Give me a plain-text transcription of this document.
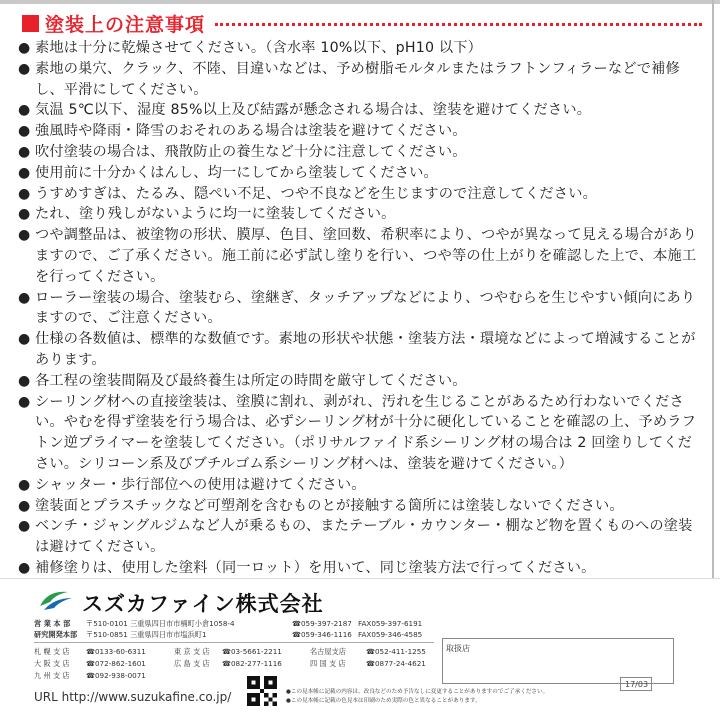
塗装上の注意事項
● 素地は十分に乾燥させてください。（含水率 10%以下、pH10 以下）
● 素地の巣穴、クラック、不陸、目違いなどは、予め樹脂モルタルまたはラフトンフィラーなどで補修し、平滑にしてください。
● 気温 5℃以下、湿度 85%以上及び結露が懸念される場合は、塗装を避けてください。
● 強風時や降雨・降雪のおそれのある場合は塗装を避けてください。
● 吹付塗装の場合は、飛散防止の養生など十分に注意してください。
● 使用前に十分かくはんし、均一にしてから塗装してください。
● うすめすぎは、たるみ、隠ぺい不足、つや不良などを生じますので注意してください。
● たれ、塗り残しがないように均一に塗装してください。
● つや調整品は、被塗物の形状、膜厚、色目、塗回数、希釈率により、つやが異なって見える場合がありますので、ご了承ください。施工前に必ず試し塗りを行い、つや等の仕上がりを確認した上で、本施工を行ってください。
● ローラー塗装の場合、塗装むら、塗継ぎ、タッチアップなどにより、つやむらを生じやすい傾向にありますので、ご注意ください。
● 仕様の各数値は、標準的な数値です。素地の形状や状態・塗装方法・環境などによって増減することがあります。
● 各工程の塗装間隔及び最終養生は所定の時間を厳守してください。
● シーリング材への直接塗装は、塗膜に割れ、剥がれ、汚れを生じることがあるため行わないでください。やむを得ず塗装を行う場合は、必ずシーリング材が十分に硬化していることを確認の上、予めラフトン逆プライマーを塗装してください。（ポリサルファイド系シーリング材の場合は 2 回塗りしてください。シリコーン系及びブチルゴム系シーリング材へは、塗装を避けてください。）
● シャッター・歩行部位への使用は避けてください。
● 塗装面とプラスチックなど可塑剤を含むものとが接触する箇所には塗装しないでください。
● ベンチ・ジャングルジムなど人が乗るもの、またテーブル・カウンター・棚など物を置くものへの塗装は避けてください。
● 補修塗りは、使用した塗料（同一ロット）を用いて、同じ塗装方法で行ってください。
スズカファイン株式会社
営 業 本 部 〒510-0101 三重県四日市市楠町小倉1058-4	☎059-397-2187 FAX059-397-6191
研究開発本部 〒510-0851 三重県四日市市塩浜町1	☎059-346-1116 FAX059-346-4585
札 幌 支 店 ☎0133-60-6311	東 京 支 店 ☎03-5661-2211	名古屋支店	☎052-411-1255
大 阪 支 店 ☎072-862-1601	広 島 支 店 ☎082-277-1116	四 国 支 店	☎0877-24-4621
九 州 支 店 ☎092-938-0071
取扱店
URL http://www.suzukafine.co.jp/	●この見本帳に記載の内容は、改良などのため予告なしに変更することがありますのでご了承ください。
●この見本帳に記載の色見本は印刷のため実際の色と異なることがあります。
17/03
